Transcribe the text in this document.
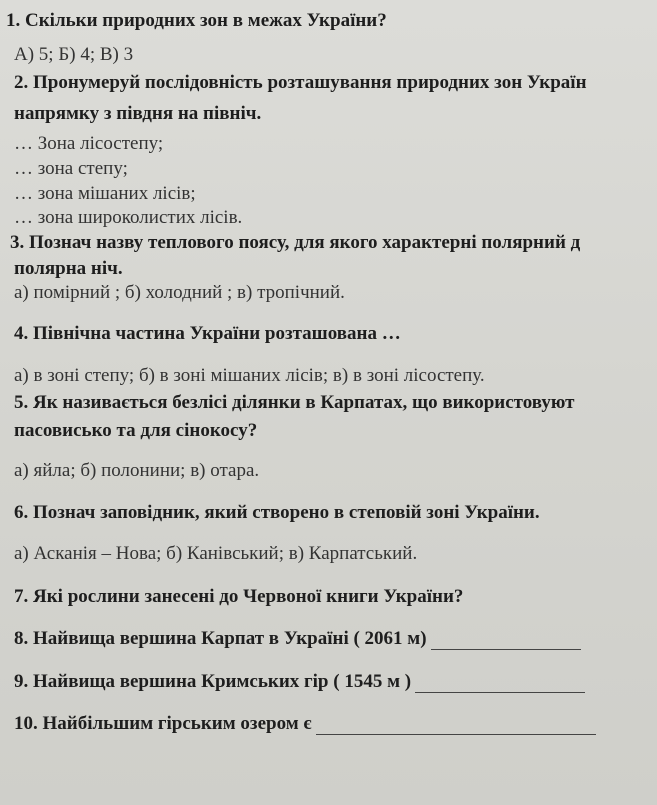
1. Скільки природних зон в межах України?
А) 5; Б) 4; В) 3
2. Пронумеруй послідовність розташування природних зон Україн
напрямку з півдня на північ.
… Зона лісостепу;
… зона степу;
… зона мішаних лісів;
… зона широколистих лісів.
3. Познач назву теплового поясу, для якого характерні полярний д
полярна ніч.
а) помірний ; б) холодний ; в) тропічний.
4. Північна частина України розташована …
а) в зоні степу; б) в зоні мішаних лісів; в) в зоні лісостепу.
5. Як називається безлісі ділянки в Карпатах, що використовуют
пасовисько та для сінокосу?
а) яйла; б) полонини; в) отара.
6. Познач заповідник, який створено в степовій зоні України.
а) Асканія – Нова; б) Канівський; в) Карпатський.
7. Які рослини занесені до Червоної книги України?
8. Найвища вершина Карпат в Україні ( 2061 м)
9. Найвища вершина Кримських гір ( 1545 м )
10. Найбільшим гірським озером є
